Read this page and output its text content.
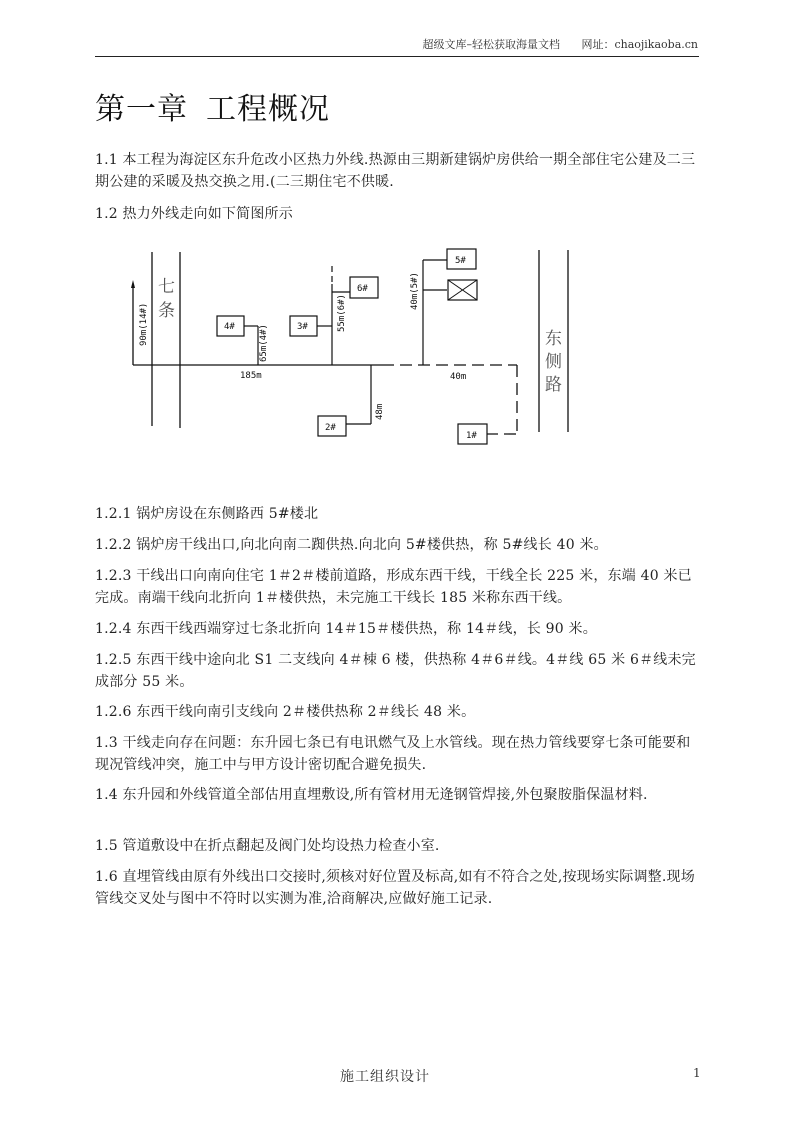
超级文库–轻松获取海量文档 网址：chaojikaoba.cn
第一章 工程概况

1.1 本工程为海淀区东升危改小区热力外线.热源由三期新建锅炉房供给一期全部住宅公建及二三期公建的采暖及热交换之用.(二三期住宅不供暖.

1.2 热力外线走向如下简图所示

七
条
东
侧
路
90m(14#)	4#	65m(4#)	3#
6#
55m(6#)
5#
40m(5#)
2#
48m
1#
185m	40m

1.2.1 锅炉房设在东侧路西 5#楼北

1.2.2 锅炉房干线出口,向北向南二踟供热.向北向 5#楼供热，称 5#线长 40 米。

1.2.3 干线出口向南向住宅 1＃2＃楼前道路，形成东西干线，干线全长 225 米，东端 40 米已完成。南端干线向北折向 1＃楼供热，未完施工干线长 185 米称东西干线。

1.2.4 东西干线西端穿过七条北折向 14＃15＃楼供热，称 14＃线，长 90 米。

1.2.5 东西干线中途向北 S1 二支线向 4＃栜 6 楼，供热称 4＃6＃线。4＃线 65 米 6＃线未完成部分 55 米。

1.2.6 东西干线向南引支线向 2＃楼供热称 2＃线长 48 米。

1.3 干线走向存在问题：东升园七条已有电讯燃气及上水管线。现在热力管线要穿七条可能要和现况管线冲突，施工中与甲方设计密切配合避免损失.

1.4 东升园和外线管道全部估用直埋敷设,所有管材用无逄钢管焊接,外包聚胺脂保温材料.

1.5 管道敷设中在折点翻起及阀门处均设热力检查小室.

1.6 直埋管线由原有外线出口交接时,须核对好位置及标高,如有不符合之处,按现场实际调整.现场管线交叉处与图中不符时以实测为准,洽商解决,应做好施工记录.

施工组织设计	1
